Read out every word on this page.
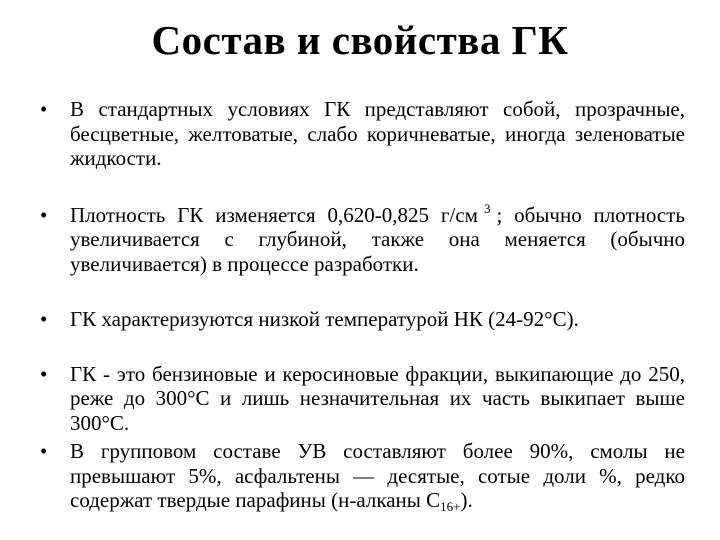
Состав и свойства ГК
•	В стандартных условиях ГК представляют собой, прозрачные, бесцветные, желтоватые, слабо коричневатые, иногда зеленоватые жидкости.
•	Плотность ГК изменяется 0,620-0,825 г/см $^3$ ; обычно плотность увеличивается с глубиной, также она меняется (обычно увеличивается) в процессе разработки.
•	ГК характеризуются низкой температурой НК (24-92°С).
•	ГК - это бензиновые и керосиновые фракции, выкипающие до 250, реже до 300°С и лишь незначительная их часть выкипает выше 300°С.
•	В групповом составе УВ составляют более 90%, смолы не превышают 5%, асфальтены — десятые, сотые доли %, редко содержат твердые парафины (н-алканы $С_{16+}$).
